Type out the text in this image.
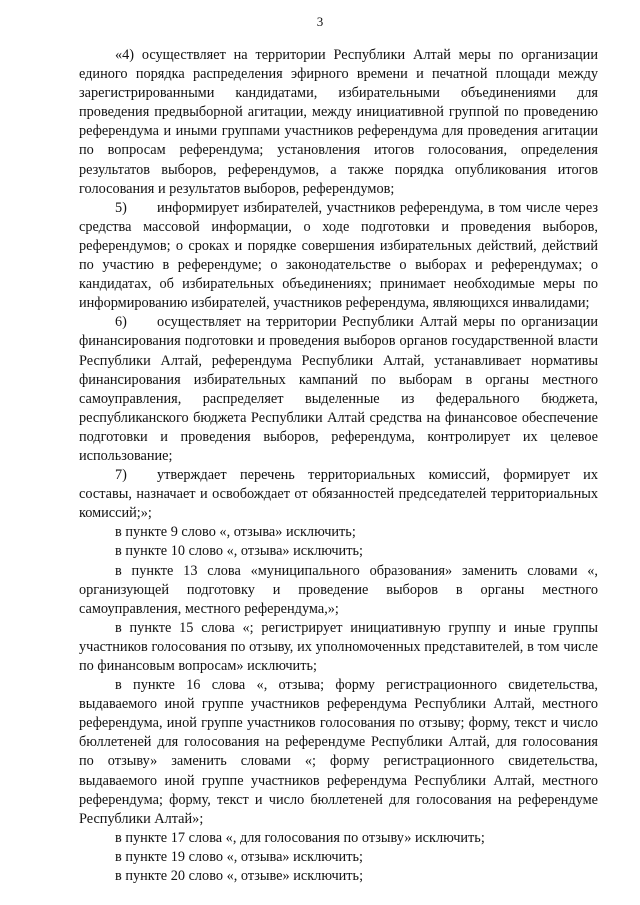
3

«4) осуществляет на территории Республики Алтай меры по организации единого порядка распределения эфирного времени и печатной площади между зарегистрированными кандидатами, избирательными объединениями для проведения предвыборной агитации, между инициативной группой по проведению референдума и иными группами участников референдума для проведения агитации по вопросам референдума; установления итогов голосования, определения результатов выборов, референдумов, а также порядка опубликования итогов голосования и результатов выборов, референдумов;

5) информирует избирателей, участников референдума, в том числе через средства массовой информации, о ходе подготовки и проведения выборов, референдумов; о сроках и порядке совершения избирательных действий, действий по участию в референдуме; о законодательстве о выборах и референдумах; о кандидатах, об избирательных объединениях; принимает необходимые меры по информированию избирателей, участников референдума, являющихся инвалидами;

6) осуществляет на территории Республики Алтай меры по организации финансирования подготовки и проведения выборов органов государственной власти Республики Алтай, референдума Республики Алтай, устанавливает нормативы финансирования избирательных кампаний по выборам в органы местного самоуправления, распределяет выделенные из федерального бюджета, республиканского бюджета Республики Алтай средства на финансовое обеспечение подготовки и проведения выборов, референдума, контролирует их целевое использование;

7) утверждает перечень территориальных комиссий, формирует их составы, назначает и освобождает от обязанностей председателей территориальных комиссий;»;

в пункте 9 слово «, отзыва» исключить;

в пункте 10 слово «, отзыва» исключить;

в пункте 13 слова «муниципального образования» заменить словами «, организующей подготовку и проведение выборов в органы местного самоуправления, местного референдума,»;

в пункте 15 слова «; регистрирует инициативную группу и иные группы участников голосования по отзыву, их уполномоченных представителей, в том числе по финансовым вопросам» исключить;

в пункте 16 слова «, отзыва; форму регистрационного свидетельства, выдаваемого иной группе участников референдума Республики Алтай, местного референдума, иной группе участников голосования по отзыву; форму, текст и число бюллетеней для голосования на референдуме Республики Алтай, для голосования по отзыву» заменить словами «; форму регистрационного свидетельства, выдаваемого иной группе участников референдума Республики Алтай, местного референдума; форму, текст и число бюллетеней для голосования на референдуме Республики Алтай»;

в пункте 17 слова «, для голосования по отзыву» исключить;

в пункте 19 слово «, отзыва» исключить;

в пункте 20 слово «, отзыве» исключить;
